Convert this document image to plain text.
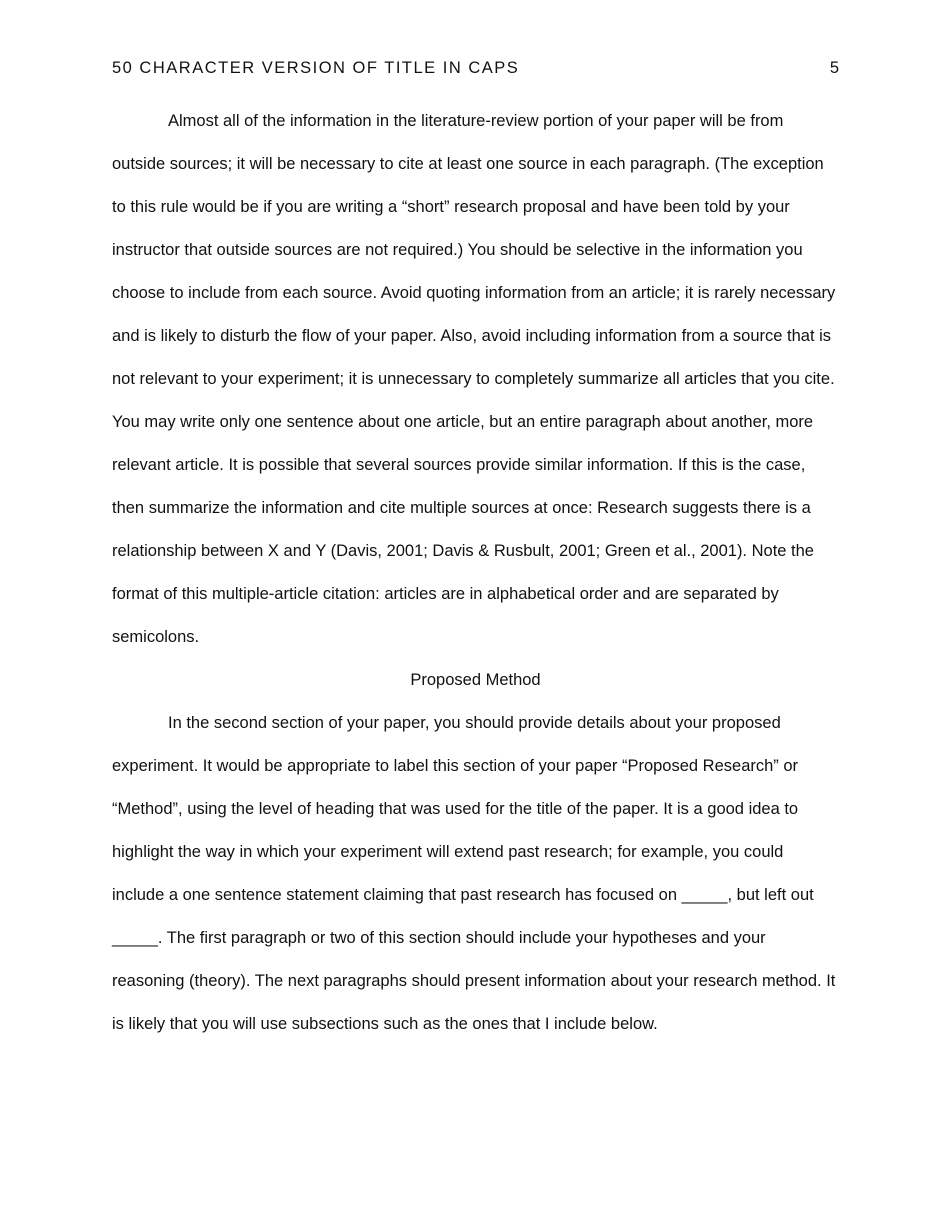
50 CHARACTER VERSION OF TITLE IN CAPS	5

Almost all of the information in the literature-review portion of your paper will be from outside sources; it will be necessary to cite at least one source in each paragraph. (The exception to this rule would be if you are writing a “short” research proposal and have been told by your instructor that outside sources are not required.) You should be selective in the information you choose to include from each source. Avoid quoting information from an article; it is rarely necessary and is likely to disturb the flow of your paper. Also, avoid including information from a source that is not relevant to your experiment; it is unnecessary to completely summarize all articles that you cite. You may write only one sentence about one article, but an entire paragraph about another, more relevant article. It is possible that several sources provide similar information. If this is the case, then summarize the information and cite multiple sources at once: Research suggests there is a relationship between X and Y (Davis, 2001; Davis & Rusbult, 2001; Green et al., 2001). Note the format of this multiple-article citation: articles are in alphabetical order and are separated by semicolons.

Proposed Method

In the second section of your paper, you should provide details about your proposed experiment. It would be appropriate to label this section of your paper “Proposed Research” or “Method”, using the level of heading that was used for the title of the paper. It is a good idea to highlight the way in which your experiment will extend past research; for example, you could include a one sentence statement claiming that past research has focused on _____, but left out _____. The first paragraph or two of this section should include your hypotheses and your reasoning (theory). The next paragraphs should present information about your research method. It is likely that you will use subsections such as the ones that I include below.
